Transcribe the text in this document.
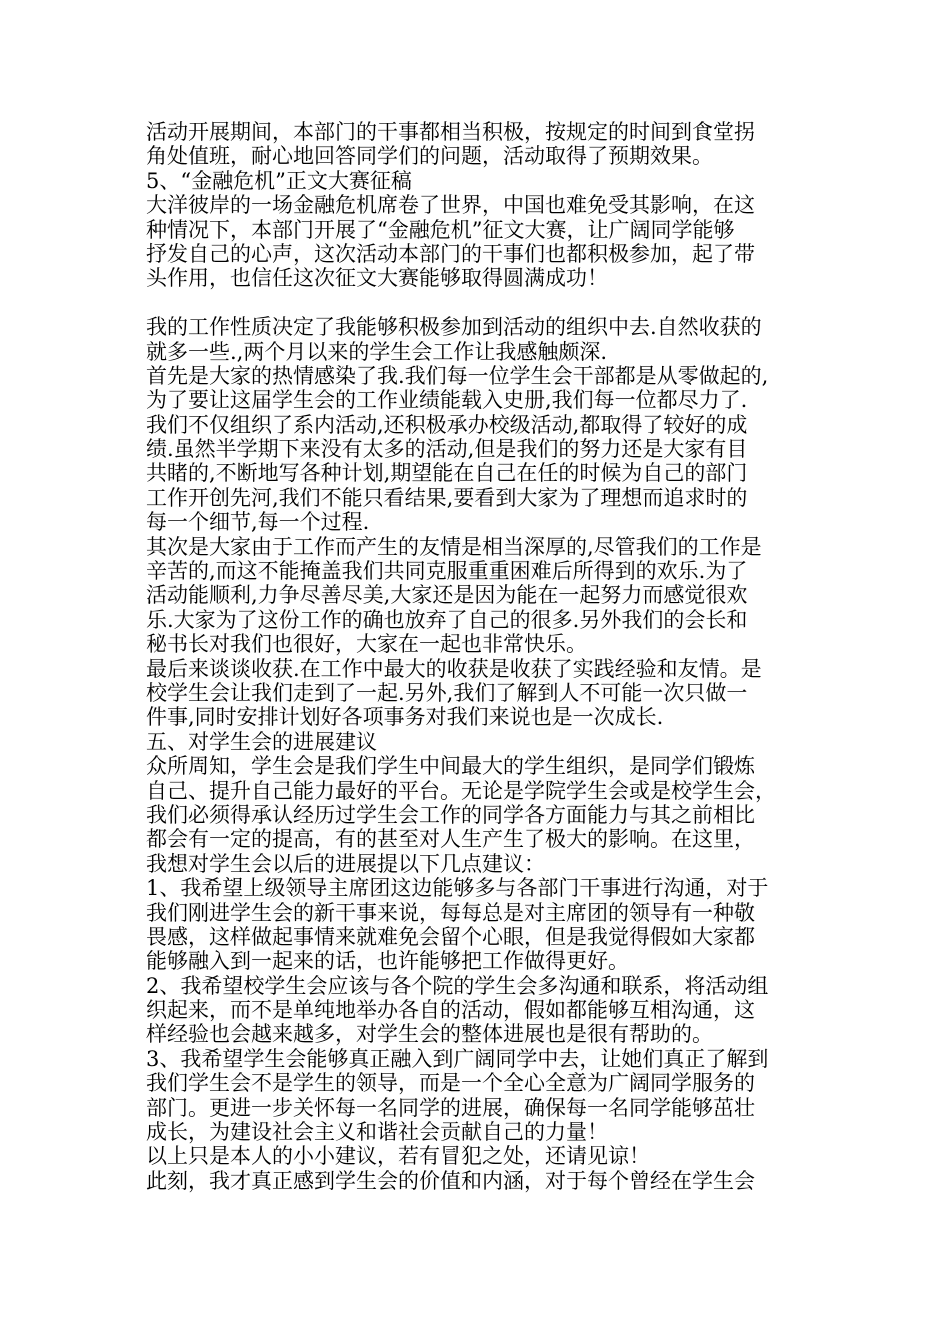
活动开展期间，本部门的干事都相当积极，按规定的时间到食堂拐
角处值班，耐心地回答同学们的问题，活动取得了预期效果。
5、“金融危机”正文大赛征稿
大洋彼岸的一场金融危机席卷了世界，中国也难免受其影响，在这
种情况下，本部门开展了“金融危机”征文大赛，让广阔同学能够
抒发自己的心声，这次活动本部门的干事们也都积极参加，起了带
头作用，也信任这次征文大赛能够取得圆满成功！
我的工作性质决定了我能够积极参加到活动的组织中去.自然收获的
就多一些.,两个月以来的学生会工作让我感触颇深.
首先是大家的热情感染了我.我们每一位学生会干部都是从零做起的,
为了要让这届学生会的工作业绩能载入史册,我们每一位都尽力了.
我们不仅组织了系内活动,还积极承办校级活动,都取得了较好的成
绩.虽然半学期下来没有太多的活动,但是我们的努力还是大家有目
共睹的,不断地写各种计划,期望能在自己在任的时候为自己的部门
工作开创先河,我们不能只看结果,要看到大家为了理想而追求时的
每一个细节,每一个过程.
其次是大家由于工作而产生的友情是相当深厚的,尽管我们的工作是
辛苦的,而这不能掩盖我们共同克服重重困难后所得到的欢乐.为了
活动能顺利,力争尽善尽美,大家还是因为能在一起努力而感觉很欢
乐.大家为了这份工作的确也放弃了自己的很多.另外我们的会长和
秘书长对我们也很好，大家在一起也非常快乐。
最后来谈谈收获.在工作中最大的收获是收获了实践经验和友情。是
校学生会让我们走到了一起.另外,我们了解到人不可能一次只做一
件事,同时安排计划好各项事务对我们来说也是一次成长.
五、对学生会的进展建议
众所周知，学生会是我们学生中间最大的学生组织，是同学们锻炼
自己、提升自己能力最好的平台。无论是学院学生会或是校学生会，
我们必须得承认经历过学生会工作的同学各方面能力与其之前相比
都会有一定的提高，有的甚至对人生产生了极大的影响。在这里，
我想对学生会以后的进展提以下几点建议：
1、我希望上级领导主席团这边能够多与各部门干事进行沟通，对于
我们刚进学生会的新干事来说，每每总是对主席团的领导有一种敬
畏感，这样做起事情来就难免会留个心眼，但是我觉得假如大家都
能够融入到一起来的话，也许能够把工作做得更好。
2、我希望校学生会应该与各个院的学生会多沟通和联系，将活动组
织起来，而不是单纯地举办各自的活动，假如都能够互相沟通，这
样经验也会越来越多，对学生会的整体进展也是很有帮助的。
3、我希望学生会能够真正融入到广阔同学中去，让她们真正了解到
我们学生会不是学生的领导，而是一个全心全意为广阔同学服务的
部门。更进一步关怀每一名同学的进展，确保每一名同学能够茁壮
成长，为建设社会主义和谐社会贡献自己的力量！
以上只是本人的小小建议，若有冒犯之处，还请见谅！
此刻，我才真正感到学生会的价值和内涵，对于每个曾经在学生会
